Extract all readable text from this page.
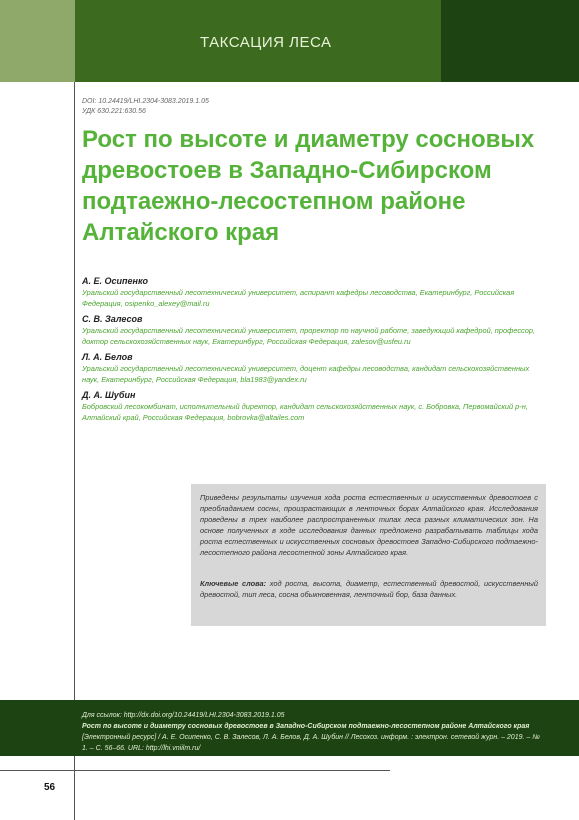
ТАКСАЦИЯ ЛЕСА
DOI: 10.24419/LHI.2304-3083.2019.1.05
УДК 630.221:630.56
Рост по высоте и диаметру сосновых древостоев в Западно-Сибирском подтаежно-лесостепном районе Алтайского края

А. Е. Осипенко

Уральский государственный лесотехнический университет, аспирант кафедры лесоводства, Екатеринбург, Российская Федерация, osipenko_alexey@mail.ru

С. В. Залесов

Уральский государственный лесотехнический университет, проректор по научной работе, заведующий кафедрой, профессор, доктор сельскохозяйственных наук, Екатеринбург, Российская Федерация, zalesov@usfeu.ru

Л. А. Белов

Уральский государственный лесотехнический университет, доцент кафедры лесоводства, кандидат сельскохозяйственных наук, Екатеринбург, Российская Федерация, bla1983@yandex.ru

Д. А. Шубин

Бобровский лесокомбинат, исполнительный директор, кандидат сельскохозяйственных наук, с. Бобровка, Первомайский р-н, Алтайский край, Российская Федерация, bobrovka@altailes.com

Приведены результаты изучения хода роста естественных и искусственных древостоев с преобладанием сосны, произрастающих в ленточных борах Алтайского края. Исследования проведены в трех наиболее распространенных типах леса разных климатических зон. На основе полученных в ходе исследования данных предложено разрабатывать таблицы хода роста естественных и искусственных сосновых древостоев Западно-Сибирского подтаежно-лесостепного района лесостепной зоны Алтайского края.

Ключевые слова: ход роста, высота, диаметр, естественный древостой, искусственный древостой, тип леса, сосна обыкновенная, ленточный бор, база данных.

Для ссылок: http://dx.doi.org/10.24419/LHI.2304-3083.2019.1.05
Рост по высоте и диаметру сосновых древостоев в Западно-Сибирском подтаежно-лесостепном районе Алтайского края [Электронный ресурс] / А. Е. Осипенко, С. В. Залесов, Л. А. Белов, Д. А. Шубин // Лесохоз. информ. : электрон. сетевой журн. – 2019. – № 1. – С. 56–66. URL: http://lhi.vniilm.ru/

56
